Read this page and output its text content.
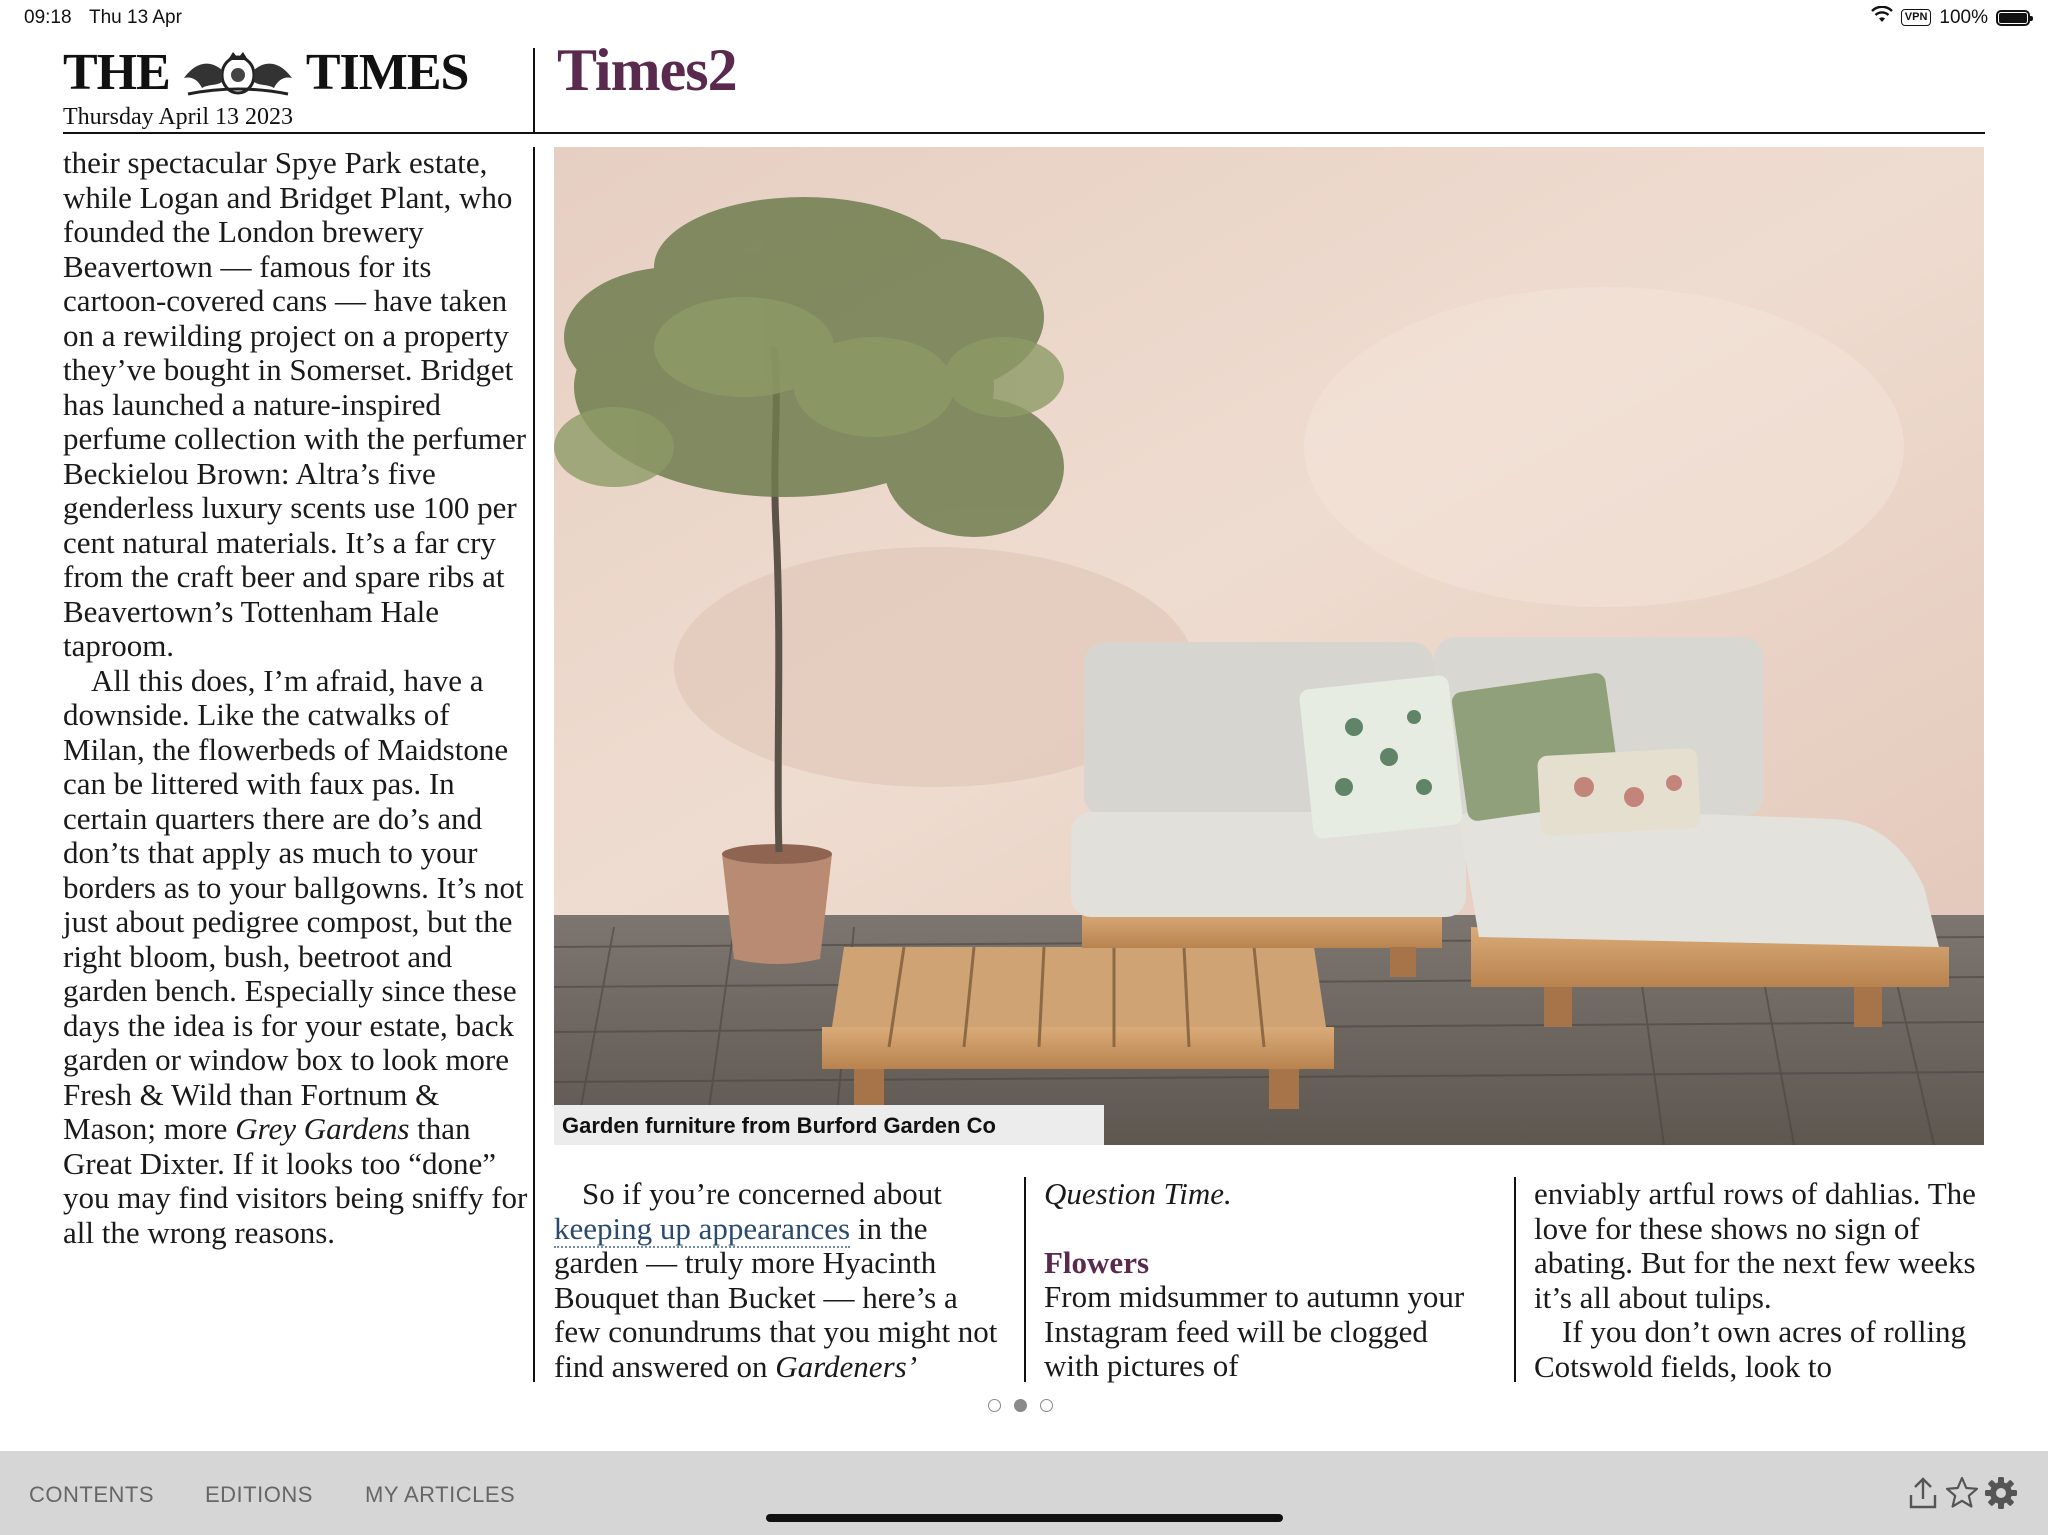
09:18 Thu 13 Apr	VPN 100%
THE	TIMES
Thursday April 13 2023
Times2

their spectacular Spye Park estate, while Logan and Bridget Plant, who founded the London brewery Beavertown — famous for its cartoon-covered cans — have taken on a rewilding project on a property they’ve bought in Somerset. Bridget has launched a nature-inspired perfume collection with the perfumer Beckielou Brown: Altra’s five genderless luxury scents use 100 per cent natural materials. It’s a far cry from the craft beer and spare ribs at Beavertown’s Tottenham Hale taproom.

All this does, I’m afraid, have a downside. Like the catwalks of Milan, the flowerbeds of Maidstone can be littered with faux pas. In certain quarters there are do’s and don’ts that apply as much to your borders as to your ballgowns. It’s not just about pedigree compost, but the right bloom, bush, beetroot and garden bench. Especially since these days the idea is for your estate, back garden or window box to look more Fresh & Wild than Fortnum & Mason; more Grey Gardens than Great Dixter. If it looks too “done” you may find visitors being sniffy for all the wrong reasons.

Garden furniture from Burford Garden Co

So if you’re concerned about keeping up appearances in the garden — truly more Hyacinth Bouquet than Bucket — here’s a few conundrums that you might not find answered on Gardeners’

Question Time.

Flowers

From midsummer to autumn your Instagram feed will be clogged with pictures of

enviably artful rows of dahlias. The love for these shows no sign of abating. But for the next few weeks it’s all about tulips.

If you don’t own acres of rolling Cotswold fields, look to

CONTENTS EDITIONS MY ARTICLES
